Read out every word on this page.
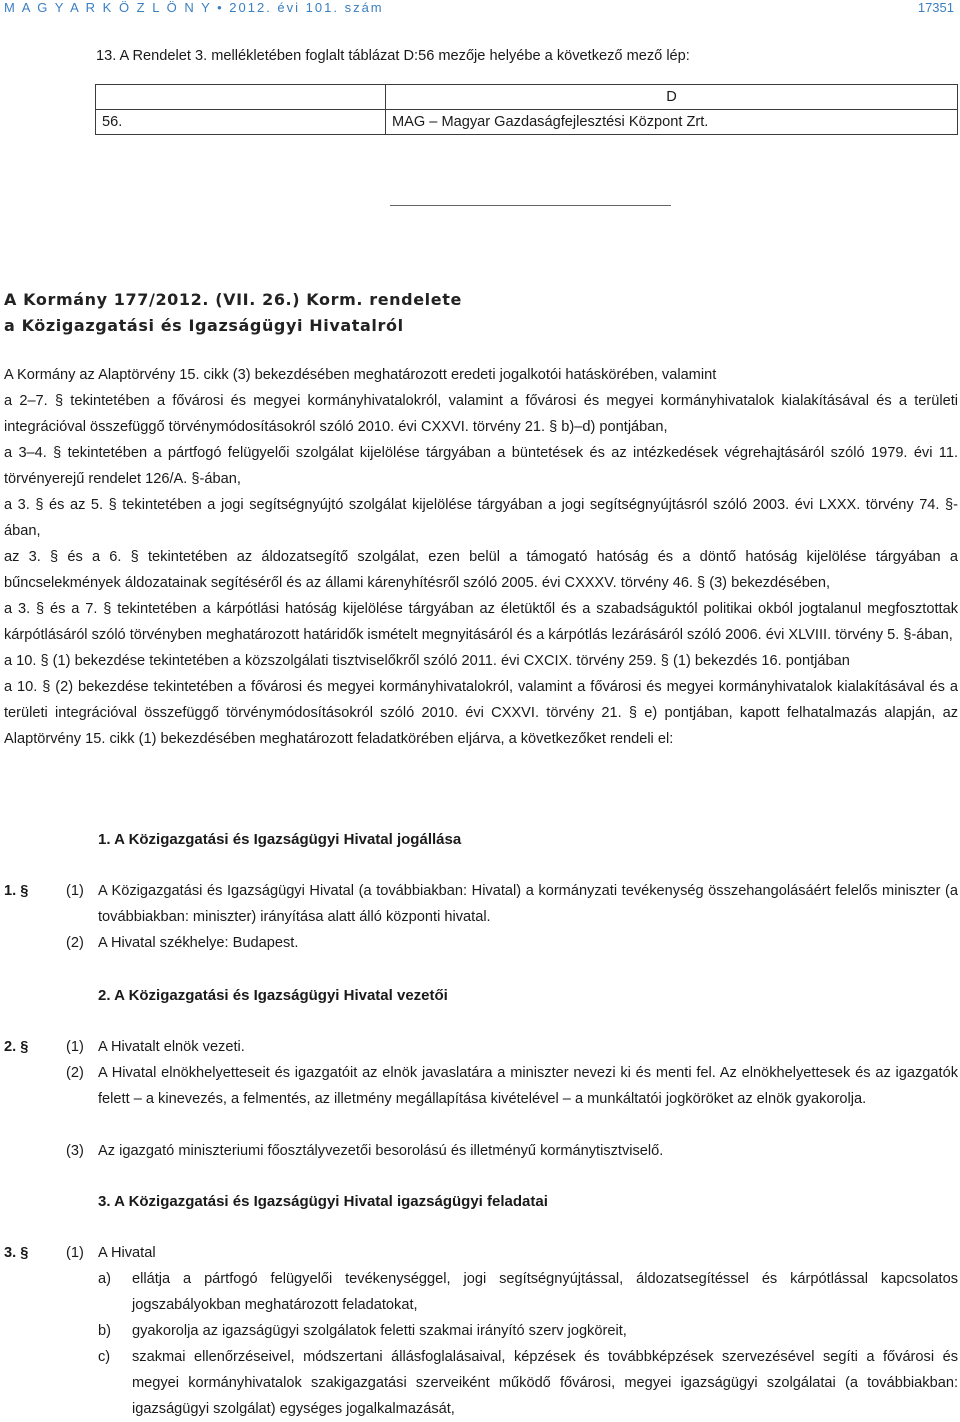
M A G Y A R K Ö Z L Ö N Y • 2012. évi 101. szám	17351

13. A Rendelet 3. mellékletében foglalt táblázat D:56 mezője helyébe a következő mező lép:

	D
56.	MAG – Magyar Gazdaságfejlesztési Központ Zrt.
A Kormány 177/2012. (VII. 26.) Korm. rendelete
a Közigazgatási és Igazságügyi Hivatalról

A Kormány az Alaptörvény 15. cikk (3) bekezdésében meghatározott eredeti jogalkotói hatáskörében, valamint

a 2–7. § tekintetében a fővárosi és megyei kormányhivatalokról, valamint a fővárosi és megyei kormányhivatalok kialakításával és a területi integrációval összefüggő törvénymódosításokról szóló 2010. évi CXXVI. törvény 21. § b)–d) pontjában,

a 3–4. § tekintetében a pártfogó felügyelői szolgálat kijelölése tárgyában a büntetések és az intézkedések végrehajtásáról szóló 1979. évi 11. törvényerejű rendelet 126/A. §-ában,

a 3. § és az 5. § tekintetében a jogi segítségnyújtó szolgálat kijelölése tárgyában a jogi segítségnyújtásról szóló 2003. évi LXXX. törvény 74. §-ában,

az 3. § és a 6. § tekintetében az áldozatsegítő szolgálat, ezen belül a támogató hatóság és a döntő hatóság kijelölése tárgyában a bűncselekmények áldozatainak segítéséről és az állami kárenyhítésről szóló 2005. évi CXXXV. törvény 46. § (3) bekezdésében,

a 3. § és a 7. § tekintetében a kárpótlási hatóság kijelölése tárgyában az életüktől és a szabadságuktól politikai okból jogtalanul megfosztottak kárpótlásáról szóló törvényben meghatározott határidők ismételt megnyitásáról és a kárpótlás lezárásáról szóló 2006. évi XLVIII. törvény 5. §-ában,

a 10. § (1) bekezdése tekintetében a közszolgálati tisztviselőkről szóló 2011. évi CXCIX. törvény 259. § (1) bekezdés 16. pontjában

a 10. § (2) bekezdése tekintetében a fővárosi és megyei kormányhivatalokról, valamint a fővárosi és megyei kormányhivatalok kialakításával és a területi integrációval összefüggő törvénymódosításokról szóló 2010. évi CXXVI. törvény 21. § e) pontjában, kapott felhatalmazás alapján, az Alaptörvény 15. cikk (1) bekezdésében meghatározott feladatkörében eljárva, a következőket rendeli el:

1. A Közigazgatási és Igazságügyi Hivatal jogállása
1. §	(1) A Közigazgatási és Igazságügyi Hivatal (a továbbiakban: Hivatal) a kormányzati tevékenység összehangolásáért felelős miniszter (a továbbiakban: miniszter) irányítása alatt álló központi hivatal.
(2) A Hivatal székhelye: Budapest.
2. A Közigazgatási és Igazságügyi Hivatal vezetői
2. §	(1) A Hivatalt elnök vezeti.
(2) A Hivatal elnökhelyetteseit és igazgatóit az elnök javaslatára a miniszter nevezi ki és menti fel. Az elnökhelyettesek és az igazgatók felett – a kinevezés, a felmentés, az illetmény megállapítása kivételével – a munkáltatói jogköröket az elnök gyakorolja.
(3) Az igazgató miniszteriumi főosztályvezetői besorolású és illetményű kormánytisztviselő.
3. A Közigazgatási és Igazságügyi Hivatal igazságügyi feladatai
3. §	(1) A Hivatal
a) ellátja a pártfogó felügyelői tevékenységgel, jogi segítségnyújtással, áldozatsegítéssel és kárpótlással kapcsolatos jogszabályokban meghatározott feladatokat,
b) gyakorolja az igazságügyi szolgálatok feletti szakmai irányító szerv jogköreit,
c) szakmai ellenőrzéseivel, módszertani állásfoglalásaival, képzések és továbbképzések szervezésével segíti a fővárosi és megyei kormányhivatalok szakigazgatási szerveiként működő fővárosi, megyei igazságügyi szolgálatai (a továbbiakban: igazságügyi szolgálat) egységes jogalkalmazását,
